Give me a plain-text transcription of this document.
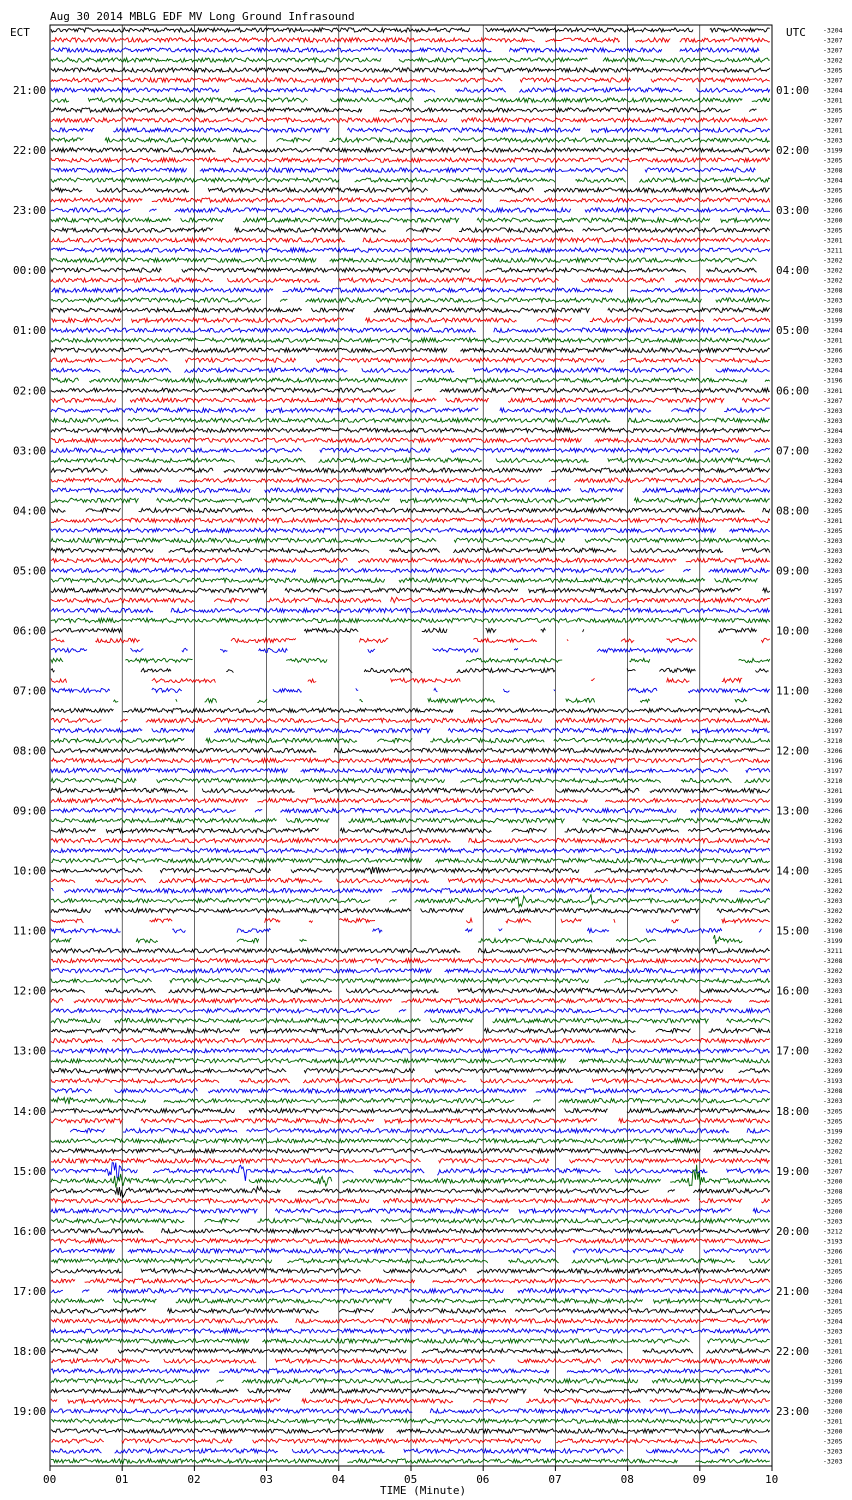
Aug 30 2014 MBLG EDF MV Long Ground Infrasound
ECT	UTC
21:00
22:00
23:00
00:00
01:00
02:00
03:00
04:00
05:00
06:00
07:00
08:00
09:00
10:00
11:00
12:00
13:00
14:00
15:00
16:00
17:00
18:00
19:00
01:00
02:00
03:00
04:00
05:00
06:00
07:00
08:00
09:00
10:00
11:00
12:00
13:00
14:00
15:00
16:00
17:00
18:00
19:00
20:00
21:00
22:00
23:00
-3204
-3207
-3207
-3202
-3205
-3207
-3204
-3201
-3205
-3207
-3201
-3203
-3199
-3205
-3208
-3204
-3205
-3206
-3206
-3200
-3205
-3201
-3211
-3202
-3202
-3202
-3208
-3203
-3208
-3199
-3204
-3201
-3206
-3203
-3204
-3196
-3201
-3207
-3203
-3203
-3204
-3203
-3202
-3202
-3203
-3204
-3203
-3202
-3205
-3201
-3205
-3203
-3203
-3202
-3203
-3205
-3197
-3203
-3201
-3202
-3200
-3200
-3200
-3202
-3203
-3203
-3200
-3202
-3201
-3200
-3197
-3210
-3206
-3196
-3197
-3210
-3201
-3199
-3206
-3202
-3196
-3193
-3192
-3198
-3205
-3201
-3202
-3203
-3202
-3202
-3190
-3199
-3211
-3208
-3202
-3203
-3203
-3201
-3200
-3202
-3210
-3209
-3202
-3203
-3209
-3193
-3208
-3203
-3205
-3205
-3199
-3202
-3202
-3201
-3207
-3200
-3208
-3205
-3200
-3203
-3212
-3193
-3206
-3201
-3205
-3206
-3204
-3201
-3205
-3204
-3203
-3201
-3201
-3206
-3201
-3199
-3200
-3200
-3200
-3201
-3200
-3205
-3203
-3203
00	01	02	03	04	05	06	07	08	09	10
TIME (Minute)
